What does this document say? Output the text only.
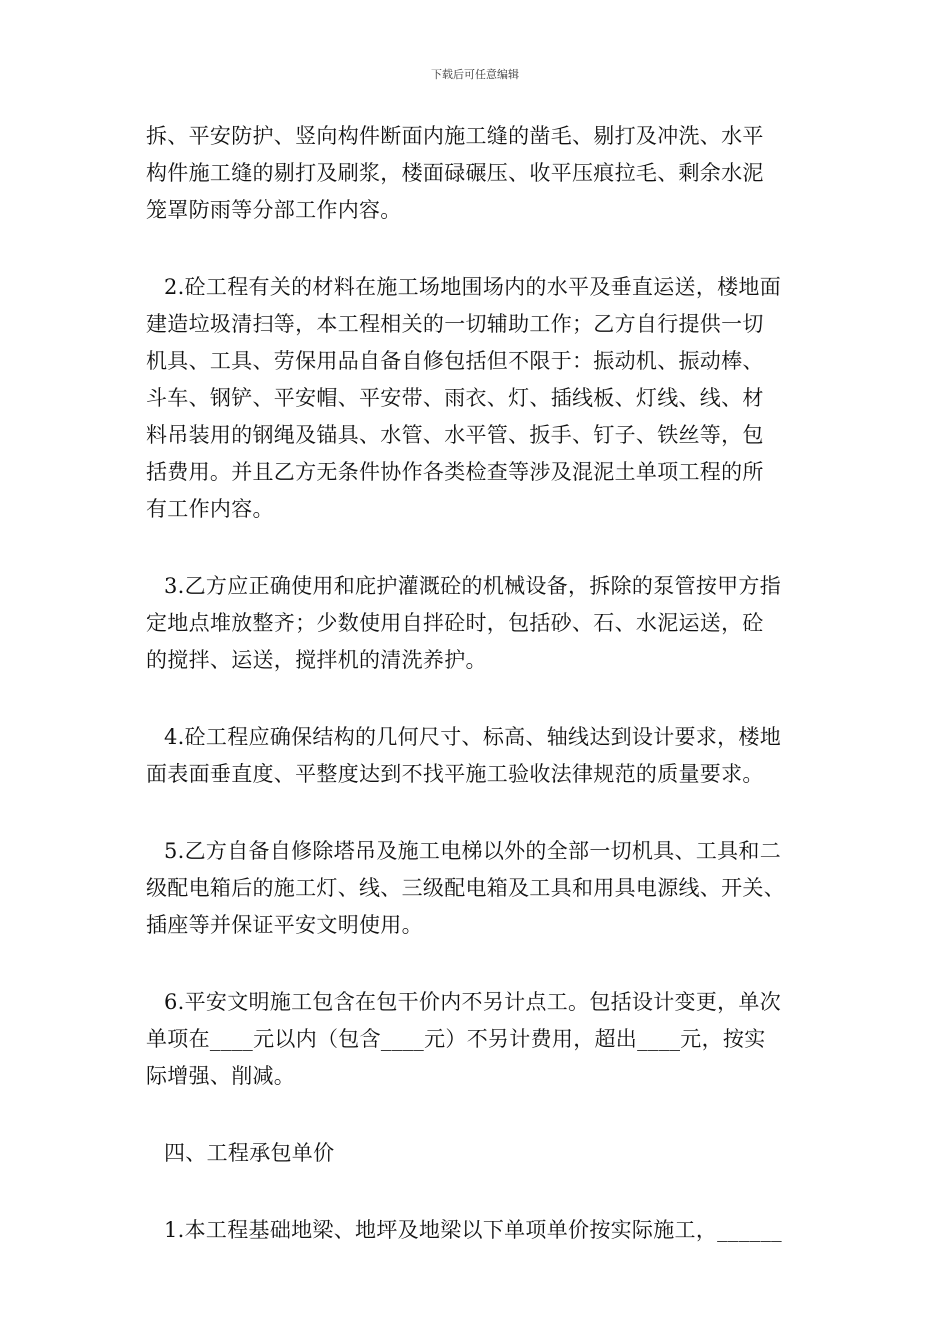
下载后可任意编辑

拆、平安防护、竖向构件断面内施工缝的凿毛、剔打及冲洗、水平
构件施工缝的剔打及刷浆，楼面碌碾压、收平压痕拉毛、剩余水泥
笼罩防雨等分部工作内容。

2.砼工程有关的材料在施工场地围场内的水平及垂直运送，楼地面
建造垃圾清扫等，本工程相关的一切辅助工作；乙方自行提供一切
机具、工具、劳保用品自备自修包括但不限于：振动机、振动棒、
斗车、钢铲、平安帽、平安带、雨衣、灯、插线板、灯线、线、材
料吊装用的钢绳及锚具、水管、水平管、扳手、钉子、铁丝等，包
括费用。并且乙方无条件协作各类检查等涉及混泥土单项工程的所
有工作内容。

3.乙方应正确使用和庇护灌溉砼的机械设备，拆除的泵管按甲方指
定地点堆放整齐；少数使用自拌砼时，包括砂、石、水泥运送，砼
的搅拌、运送，搅拌机的清洗养护。

4.砼工程应确保结构的几何尺寸、标高、轴线达到设计要求，楼地
面表面垂直度、平整度达到不找平施工验收法律规范的质量要求。

5.乙方自备自修除塔吊及施工电梯以外的全部一切机具、工具和二
级配电箱后的施工灯、线、三级配电箱及工具和用具电源线、开关、
插座等并保证平安文明使用。

6.平安文明施工包含在包干价内不另计点工。包括设计变更，单次
单项在____元以内（包含____元）不另计费用，超出____元，按实
际增强、削减。

四、工程承包单价

1.本工程基础地梁、地坪及地梁以下单项单价按实际施工，______
